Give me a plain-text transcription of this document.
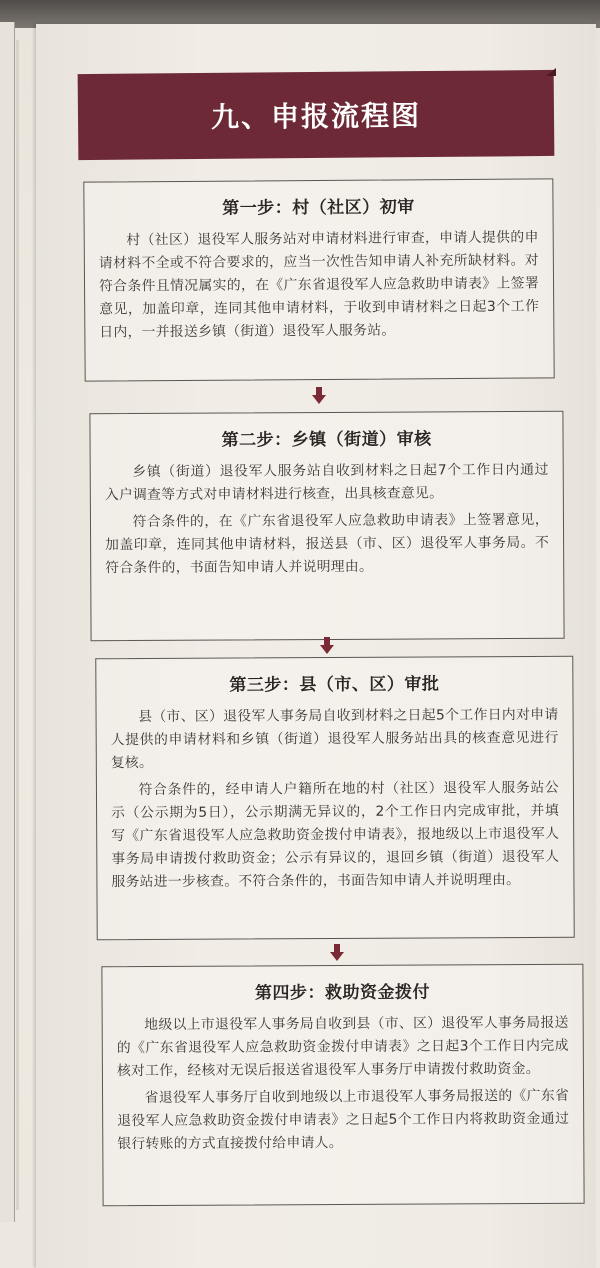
九、申报流程图
第一步：村（社区）初审

村（社区）退役军人服务站对申请材料进行审查，申请人提供的申请材料不全或不符合要求的，应当一次性告知申请人补充所缺材料。对符合条件且情况属实的，在《广东省退役军人应急救助申请表》上签署意见，加盖印章，连同其他申请材料，于收到申请材料之日起3个工作日内，一并报送乡镇（街道）退役军人服务站。

第二步：乡镇（街道）审核

乡镇（街道）退役军人服务站自收到材料之日起7个工作日内通过入户调查等方式对申请材料进行核查，出具核查意见。

符合条件的，在《广东省退役军人应急救助申请表》上签署意见，加盖印章，连同其他申请材料，报送县（市、区）退役军人事务局。不符合条件的，书面告知申请人并说明理由。

第三步：县（市、区）审批

县（市、区）退役军人事务局自收到材料之日起5个工作日内对申请人提供的申请材料和乡镇（街道）退役军人服务站出具的核查意见进行复核。

符合条件的，经申请人户籍所在地的村（社区）退役军人服务站公示（公示期为5日），公示期满无异议的，2个工作日内完成审批，并填写《广东省退役军人应急救助资金拨付申请表》，报地级以上市退役军人事务局申请拨付救助资金；公示有异议的，退回乡镇（街道）退役军人服务站进一步核查。不符合条件的，书面告知申请人并说明理由。

第四步：救助资金拨付

地级以上市退役军人事务局自收到县（市、区）退役军人事务局报送的《广东省退役军人应急救助资金拨付申请表》之日起3个工作日内完成核对工作，经核对无误后报送省退役军人事务厅申请拨付救助资金。

省退役军人事务厅自收到地级以上市退役军人事务局报送的《广东省退役军人应急救助资金拨付申请表》之日起5个工作日内将救助资金通过银行转账的方式直接拨付给申请人。
